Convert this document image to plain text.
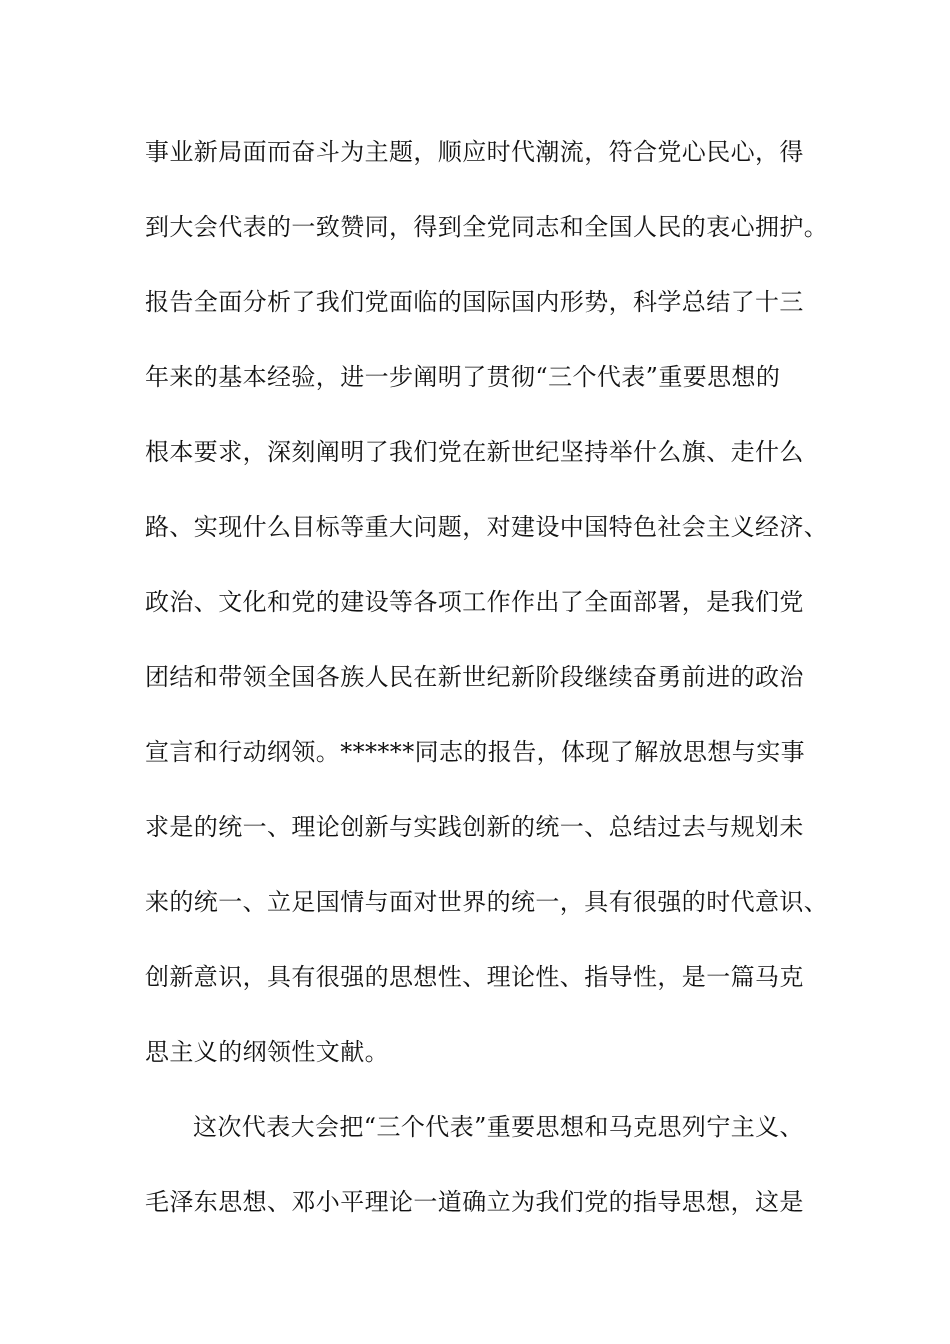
事业新局面而奋斗为主题，顺应时代潮流，符合党心民心，得
到大会代表的一致赞同，得到全党同志和全国人民的衷心拥护。
报告全面分析了我们党面临的国际国内形势，科学总结了十三
年来的基本经验，进一步阐明了贯彻“三个代表”重要思想的
根本要求，深刻阐明了我们党在新世纪坚持举什么旗、走什么
路、实现什么目标等重大问题，对建设中国特色社会主义经济、
政治、文化和党的建设等各项工作作出了全面部署，是我们党
团结和带领全国各族人民在新世纪新阶段继续奋勇前进的政治
宣言和行动纲领。******同志的报告，体现了解放思想与实事
求是的统一、理论创新与实践创新的统一、总结过去与规划未
来的统一、立足国情与面对世界的统一，具有很强的时代意识、
创新意识，具有很强的思想性、理论性、指导性，是一篇马克
思主义的纲领性文献。
这次代表大会把“三个代表”重要思想和马克思列宁主义、
毛泽东思想、邓小平理论一道确立为我们党的指导思想，这是
